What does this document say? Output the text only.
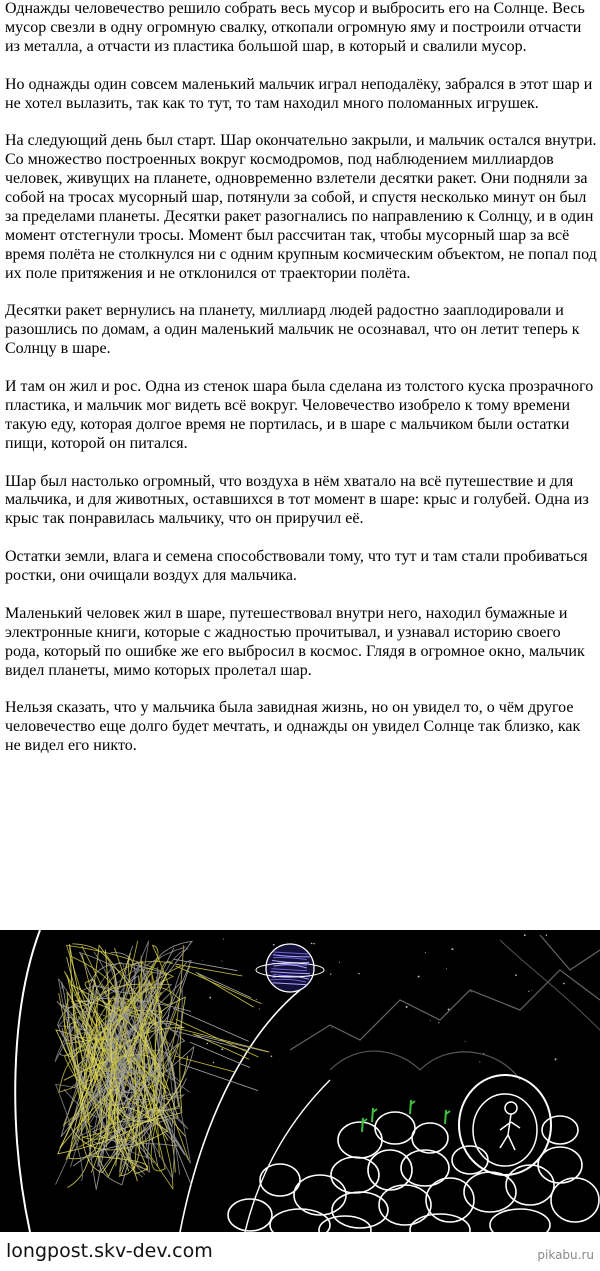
Однажды человечество решило собрать весь мусор и выбросить его на Солнце. Весь мусор свезли в одну огромную свалку, откопали огромную яму и построили отчасти из металла, а отчасти из пластика большой шар, в который и свалили мусор.

Но однажды один совсем маленький мальчик играл неподалёку, забрался в этот шар и не хотел вылазить, так как то тут, то там находил много поломанных игрушек.

На следующий день был старт. Шар окончательно закрыли, и мальчик остался внутри. Со множество построенных вокруг космодромов, под наблюдением миллиардов человек, живущих на планете, одновременно взлетели десятки ракет. Они подняли за собой на тросах мусорный шар, потянули за собой, и спустя несколько минут он был за пределами планеты. Десятки ракет разогнались по направлению к Солнцу, и в один момент отстегнули тросы. Момент был рассчитан так, чтобы мусорный шар за всё время полёта не столкнулся ни с одним крупным космическим объектом, не попал под их поле притяжения и не отклонился от траектории полёта.

Десятки ракет вернулись на планету, миллиард людей радостно зааплодировали и разошлись по домам, а один маленький мальчик не осознавал, что он летит теперь к Солнцу в шаре.

И там он жил и рос. Одна из стенок шара была сделана из толстого куска прозрачного пластика, и мальчик мог видеть всё вокруг. Человечество изобрело к тому времени такую еду, которая долгое время не портилась, и в шаре с мальчиком были остатки пищи, которой он питался.

Шар был настолько огромный, что воздуха в нём хватало на всё путешествие и для мальчика, и для животных, оставшихся в тот момент в шаре: крыс и голубей. Одна из крыс так понравилась мальчику, что он приручил её.

Остатки земли, влага и семена способствовали тому, что тут и там стали пробиваться ростки, они очищали воздух для мальчика.

Маленький человек жил в шаре, путешествовал внутри него, находил бумажные и электронные книги, которые с жадностью прочитывал, и узнавал историю своего рода, который по ошибке же его выбросил в космос. Глядя в огромное окно, мальчик видел планеты, мимо которых пролетал шар.

Нельзя сказать, что у мальчика была завидная жизнь, но он увидел то, о чём другое человечество еще долго будет мечтать, и однажды он увидел Солнце так близко, как не видел его никто.

longpost.skv-dev.com	pikabu.ru
